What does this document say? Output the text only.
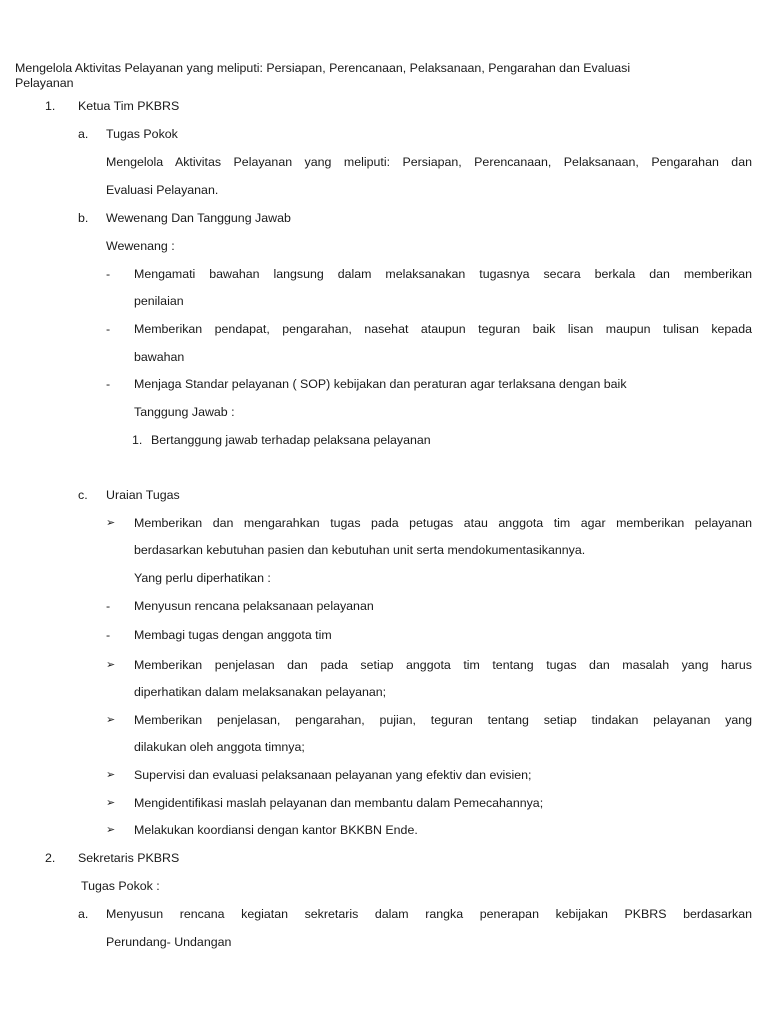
Mengelola Aktivitas Pelayanan yang meliputi: Persiapan, Perencanaan, Pelaksanaan, Pengarahan dan Evaluasi
Pelayanan
1. Ketua Tim PKBRS
a. Tugas Pokok
Mengelola Aktivitas Pelayanan yang meliputi: Persiapan, Perencanaan, Pelaksanaan, Pengarahan dan
Evaluasi Pelayanan.
b. Wewenang Dan Tanggung Jawab
Wewenang :
- Mengamati bawahan langsung dalam melaksanakan tugasnya secara berkala dan memberikan
penilaian
- Memberikan pendapat, pengarahan, nasehat ataupun teguran baik lisan maupun tulisan kepada
bawahan
- Menjaga Standar pelayanan ( SOP) kebijakan dan peraturan agar terlaksana dengan baik
Tanggung Jawab :
1. Bertanggung jawab terhadap pelaksana pelayanan
c. Uraian Tugas
➢ Memberikan dan mengarahkan tugas pada petugas atau anggota tim agar memberikan pelayanan
berdasarkan kebutuhan pasien dan kebutuhan unit serta mendokumentasikannya.
Yang perlu diperhatikan :
- Menyusun rencana pelaksanaan pelayanan
- Membagi tugas dengan anggota tim
➢ Memberikan penjelasan dan pada setiap anggota tim tentang tugas dan masalah yang harus
diperhatikan dalam melaksanakan pelayanan;
➢ Memberikan penjelasan, pengarahan, pujian, teguran tentang setiap tindakan pelayanan yang
dilakukan oleh anggota timnya;
➢ Supervisi dan evaluasi pelaksanaan pelayanan yang efektiv dan evisien;
➢ Mengidentifikasi maslah pelayanan dan membantu dalam Pemecahannya;
➢ Melakukan koordiansi dengan kantor BKKBN Ende.
2. Sekretaris PKBRS
Tugas Pokok :
a. Menyusun rencana kegiatan sekretaris dalam rangka penerapan kebijakan PKBRS berdasarkan
Perundang- Undangan
